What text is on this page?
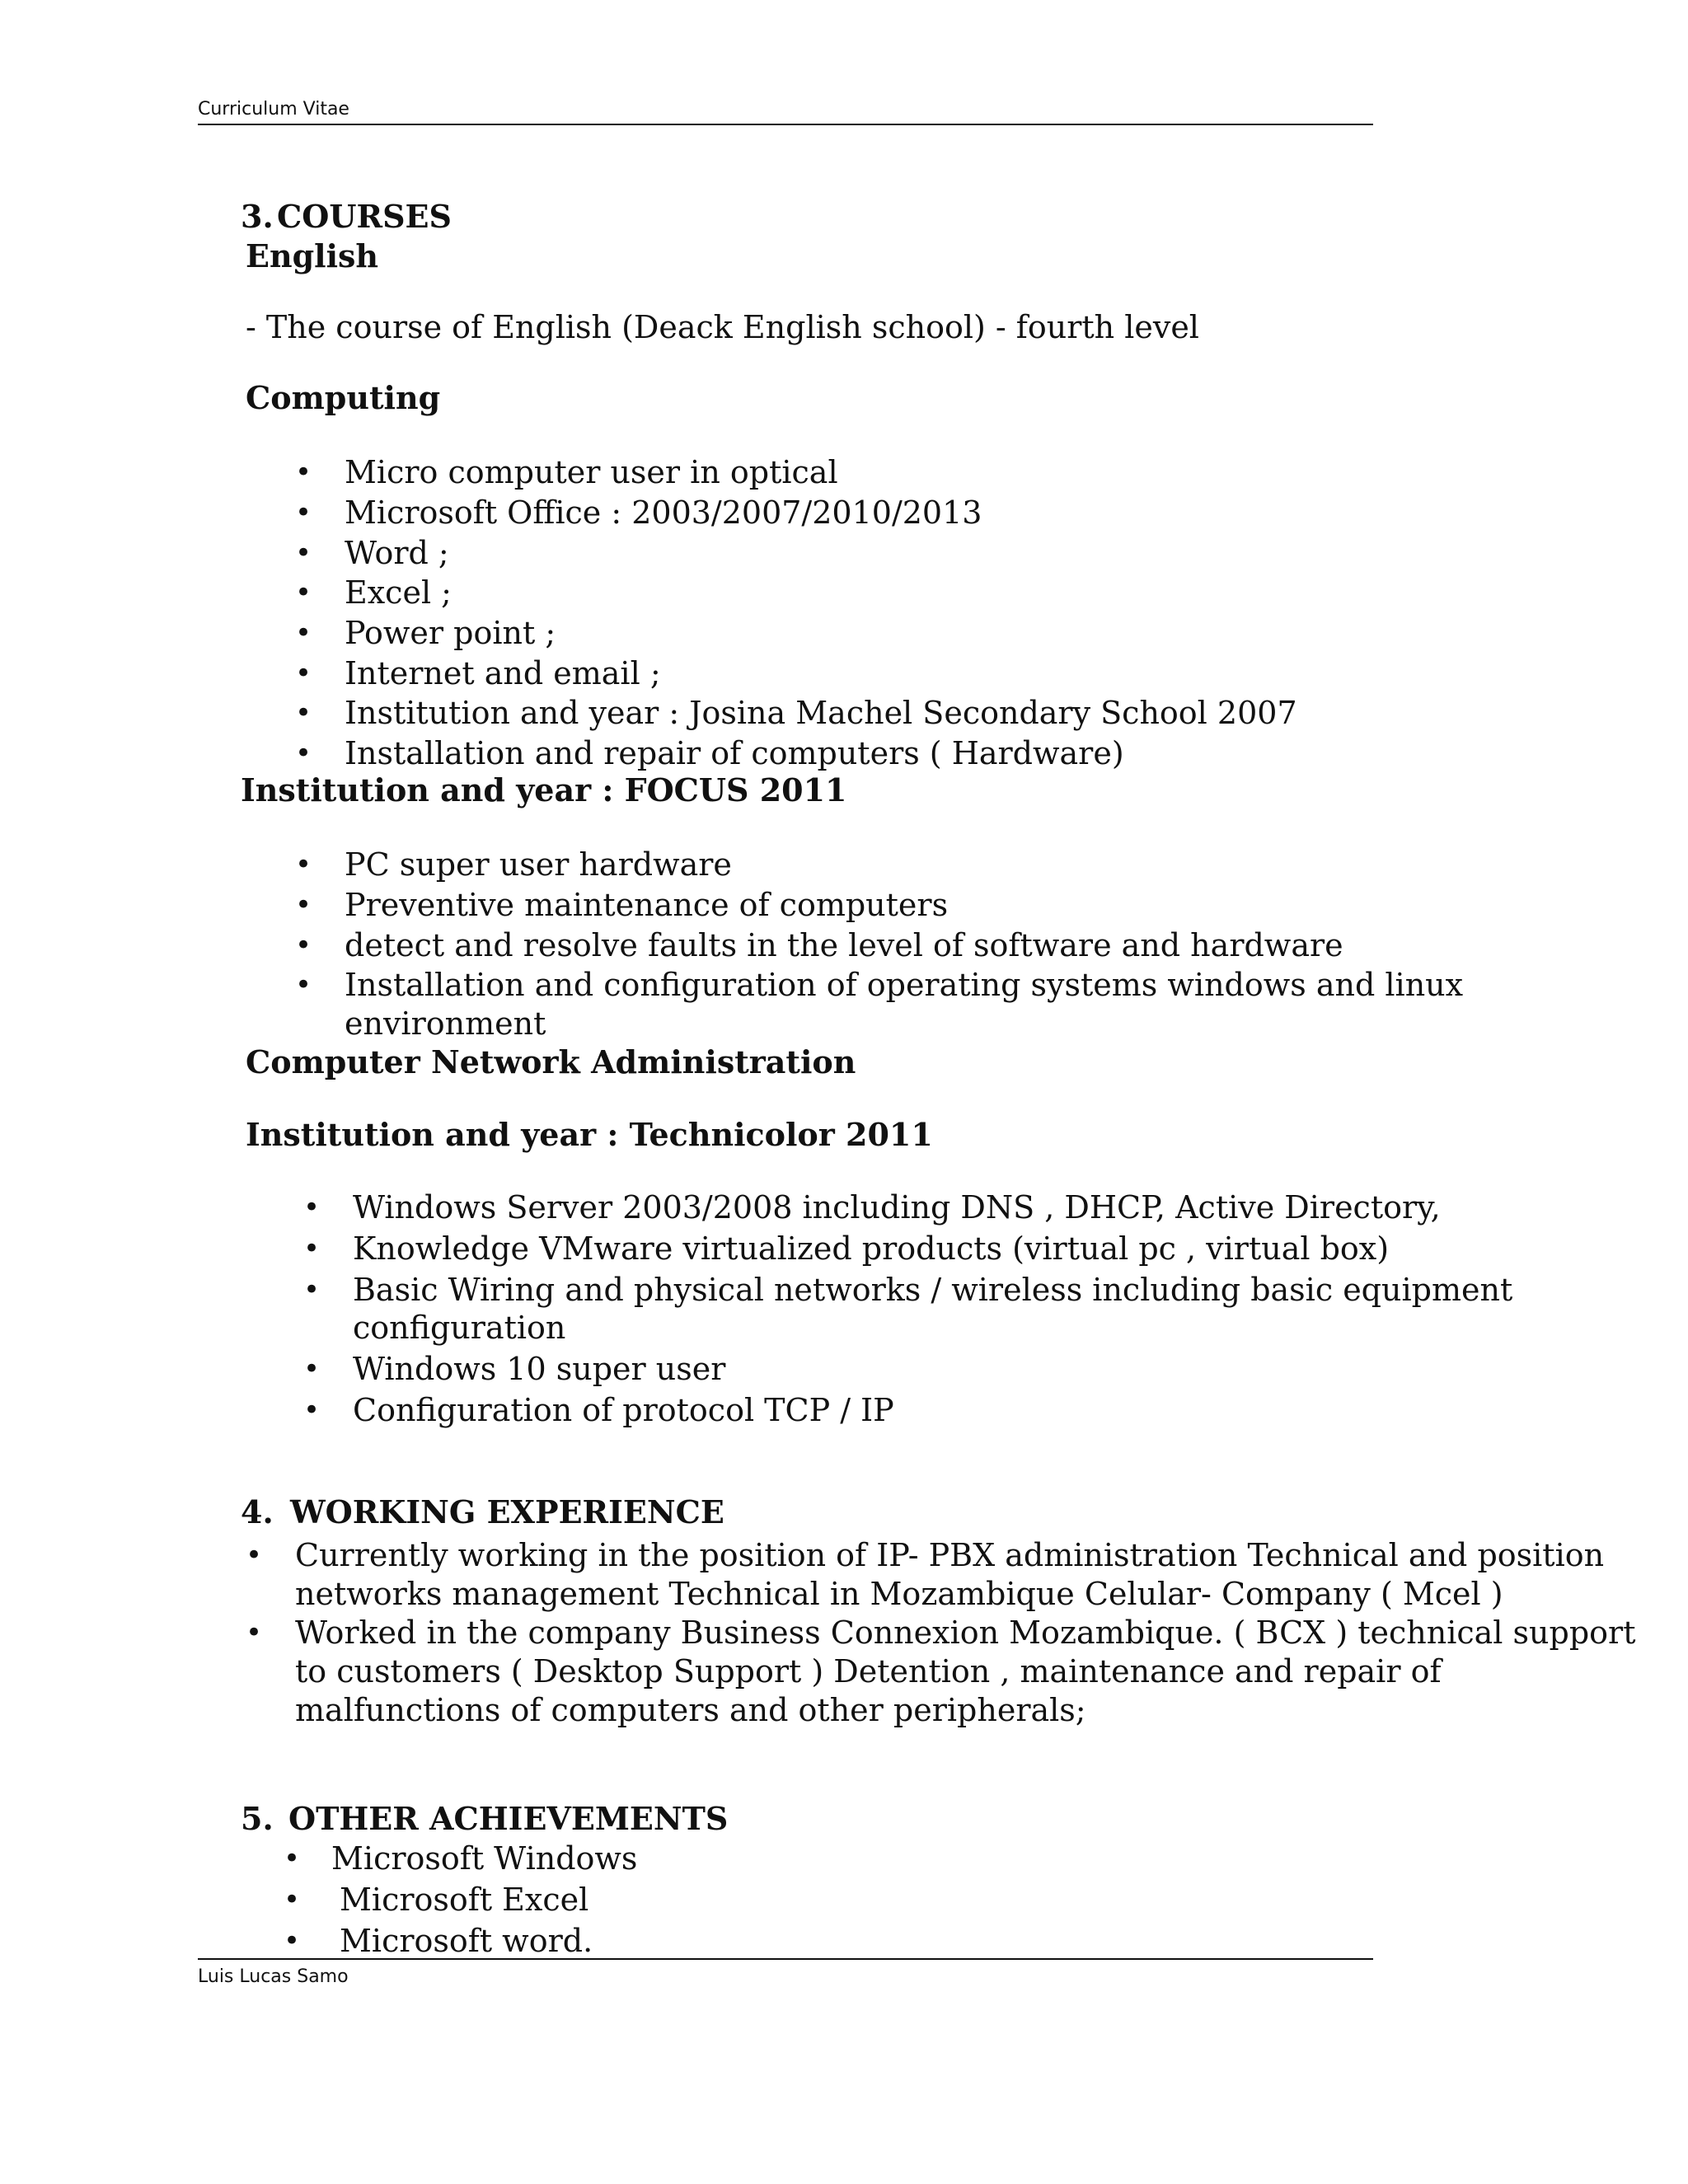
Curriculum Vitae
3. COURSES
English
- The course of English (Deack English school) - fourth level
Computing
• Micro computer user in optical
• Microsoft Office : 2003/2007/2010/2013
• Word ;
• Excel ;
• Power point ;
• Internet and email ;
• Institution and year : Josina Machel Secondary School 2007
• Installation and repair of computers ( Hardware)
Institution and year : FOCUS 2011
• PC super user hardware
• Preventive maintenance of computers
• detect and resolve faults in the level of software and hardware
• Installation and configuration of operating systems windows and linux
environment
Computer Network Administration
Institution and year : Technicolor 2011
• Windows Server 2003/2008 including DNS , DHCP, Active Directory,
• Knowledge VMware virtualized products (virtual pc , virtual box)
• Basic Wiring and physical networks / wireless including basic equipment
configuration
• Windows 10 super user
• Configuration of protocol TCP / IP
4. WORKING EXPERIENCE
• Currently working in the position of IP- PBX administration Technical and position
networks management Technical in Mozambique Celular- Company ( Mcel )
• Worked in the company Business Connexion Mozambique. ( BCX ) technical support
to customers ( Desktop Support ) Detention , maintenance and repair of
malfunctions of computers and other peripherals;
5. OTHER ACHIEVEMENTS
• Microsoft Windows
• Microsoft Excel
• Microsoft word.
Luis Lucas Samo
